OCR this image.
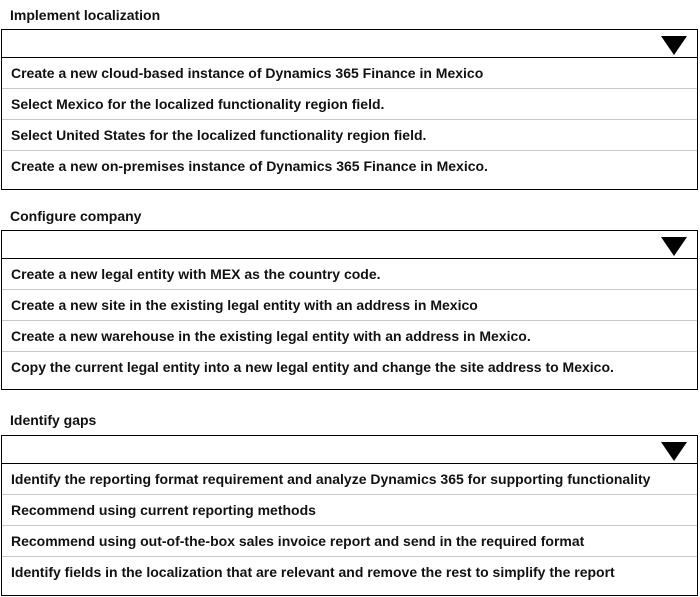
Implement localization
Create a new cloud-based instance of Dynamics 365 Finance in Mexico
Select Mexico for the localized functionality region field.
Select United States for the localized functionality region field.
Create a new on-premises instance of Dynamics 365 Finance in Mexico.
Configure company
Create a new legal entity with MEX as the country code.
Create a new site in the existing legal entity with an address in Mexico
Create a new warehouse in the existing legal entity with an address in Mexico.
Copy the current legal entity into a new legal entity and change the site address to Mexico.
Identify gaps
Identify the reporting format requirement and analyze Dynamics 365 for supporting functionality
Recommend using current reporting methods
Recommend using out-of-the-box sales invoice report and send in the required format
Identify fields in the localization that are relevant and remove the rest to simplify the report
